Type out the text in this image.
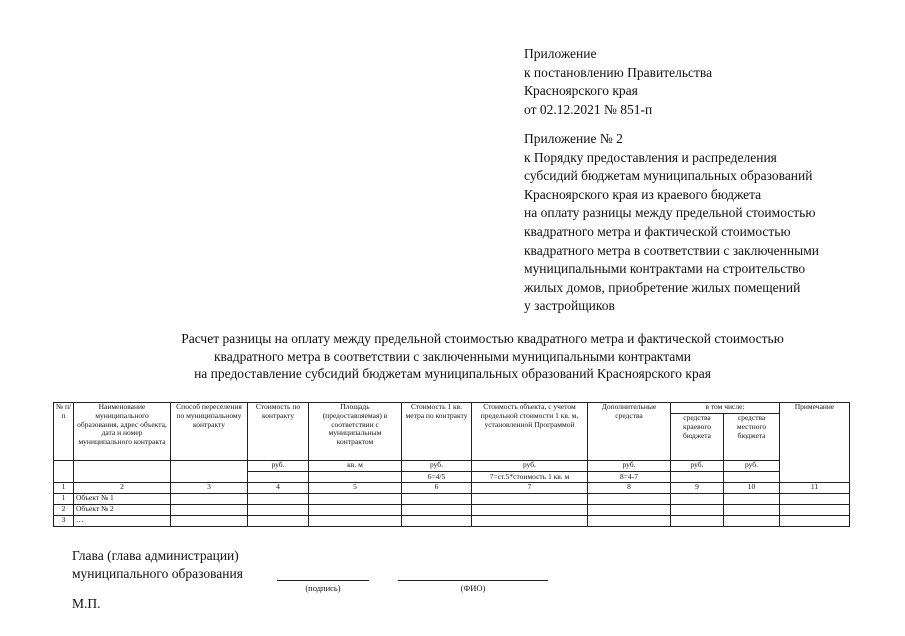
Приложение
к постановлению Правительства
Красноярского края
от 02.12.2021 № 851-п
Приложение № 2
к Порядку предоставления и распределения
субсидий бюджетам муниципальных образований
Красноярского края из краевого бюджета
на оплату разницы между предельной стоимостью
квадратного метра и фактической стоимостью
квадратного метра в соответствии с заключенными
муниципальными контрактами на строительство
жилых домов, приобретение жилых помещений
у застройщиков
Расчет разницы на оплату между предельной стоимостью квадратного метра и фактической стоимостью
квадратного метра в соответствии с заключенными муниципальными контрактами
на предоставление субсидий бюджетам муниципальных образований Красноярского края
№ п/п	Наименование муниципального образования, адрес объекта, дата и номер муниципального контракта	Способ переселения по муниципальному контракту	Стоимость по контракту	Площадь (предоставляемая) в соответствии с муниципальным контрактом	Стоимость 1 кв. метра по контракту	Стоимость объекта, с учетом предельной стоимости 1 кв. м, установленной Программой	Дополнительные средства	в том числе:		Примечание
								средства краевого бюджета	средства местного бюджета	
			руб.	кв. м	руб.	руб.	руб.	руб.	руб.	
					6=4/5	7=ст.5*стоимость 1 кв. м	8=4-7			
1	2	3	4	5	6	7	8	9	10	11
1	Объект № 1									
2	Объект № 2									
3	…									
Глава (глава администрации)
муниципального образования
(подпись)	(ФИО)
М.П.
